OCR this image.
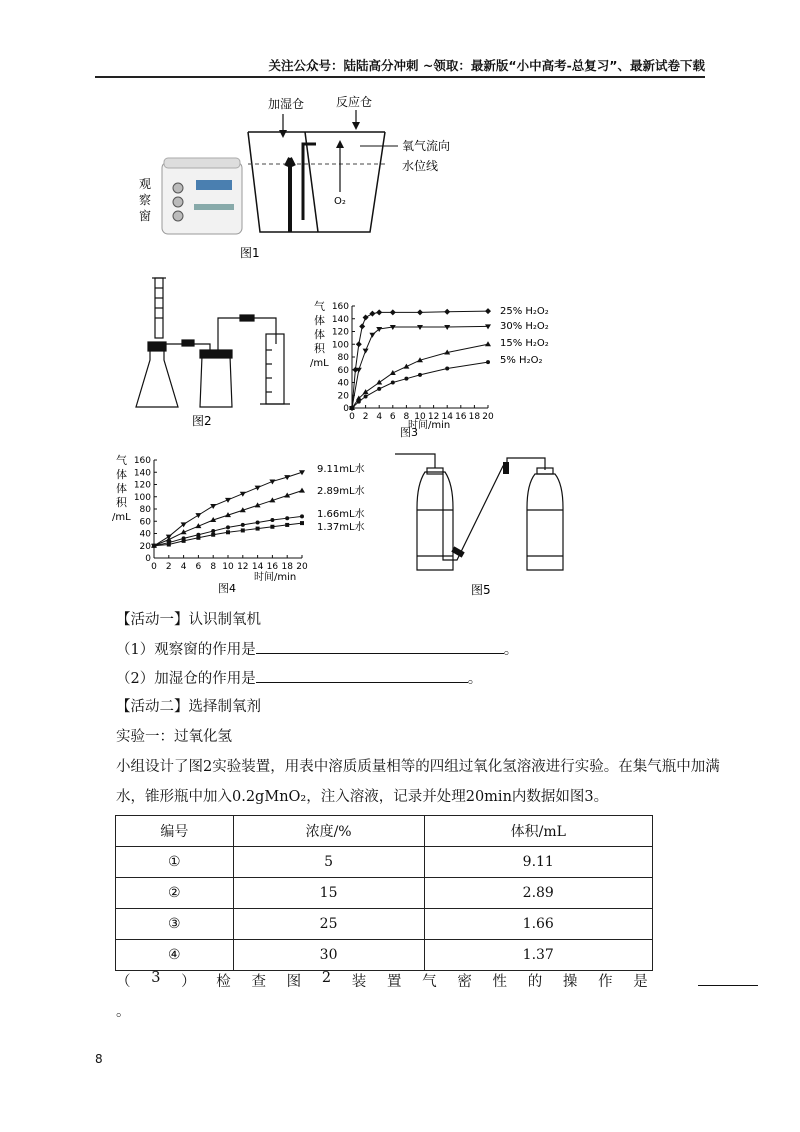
关注公众号：陆陆高分冲刺 ~领取：最新版“小中高考-总复习”、最新试卷下载
加湿仓	反应仓
观
察
窗
O₂
氧气流向
水位线
图1
图2
气
体
体
积
/mL
时间/min
图3
25% H₂O₂
30% H₂O₂
15% H₂O₂
5% H₂O₂
0 2 4 6 8 10 12 14 16 18 20
0
20
40
60
80
100
120
140
160
气
体
体
积
/mL
时间/min
图4
9.11mL水
2.89mL水
1.66mL水
1.37mL水
0 2 4 6 8 10 12 14 16 18 20
0
20
40
60
80
100
120
140
160
图5
【活动一】认识制氧机
（1）观察窗的作用是	。
（2）加湿仓的作用是	。
【活动二】选择制氧剂
实验一：过氧化氢
小组设计了图2实验装置，用表中溶质质量相等的四组过氧化氢溶液进行实验。在集气瓶中加满
水，锥形瓶中加入0.2gMnO₂，注入溶液，记录并处理20min内数据如图3。
编号	浓度/%	体积/mL
①	5	9.11
②	15	2.89
③	25	1.66
④	30	1.37
（ 3 ） 检 查 图 2 装 置 气 密 性 的 操 作 是
。
8
